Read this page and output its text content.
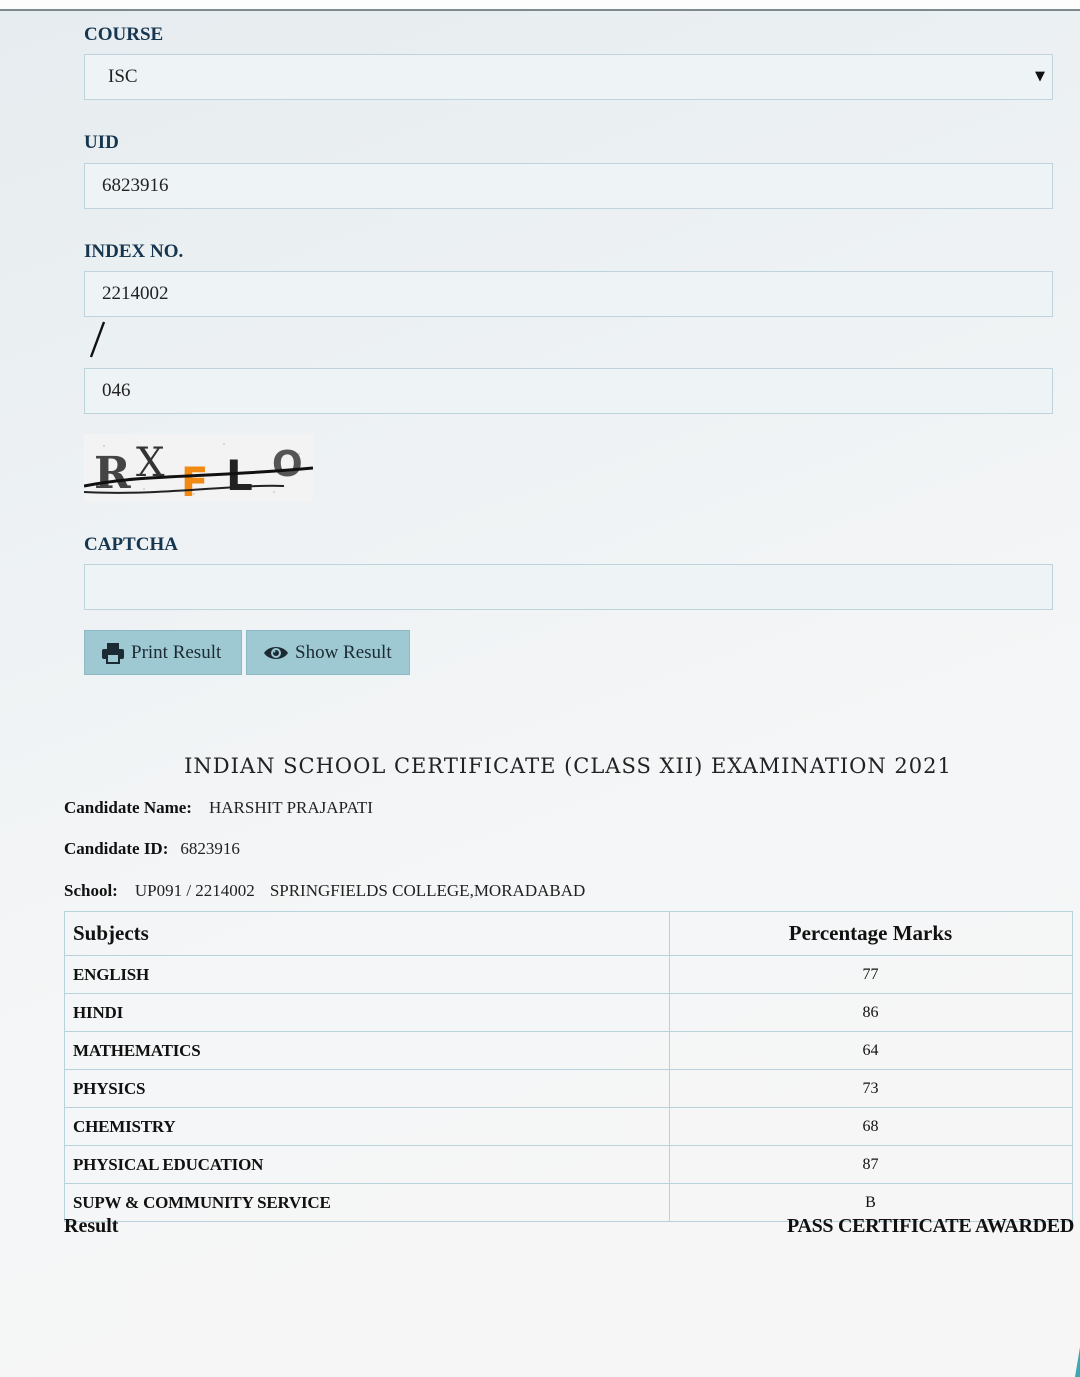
COURSE
ISC	▼
UID
6823916
INDEX NO.
2214002
046
R X F L O
CAPTCHA
Print Result	Show Result
INDIAN SCHOOL CERTIFICATE (CLASS XII) EXAMINATION 2021
Candidate Name: HARSHIT PRAJAPATI
Candidate ID: 6823916
School: UP091 / 2214002 SPRINGFIELDS COLLEGE,MORADABAD
Subjects	Percentage Marks
ENGLISH	77
HINDI	86
MATHEMATICS	64
PHYSICS	73
CHEMISTRY	68
PHYSICAL EDUCATION	87
SUPW & COMMUNITY SERVICE	B
Result	PASS CERTIFICATE AWARDED
